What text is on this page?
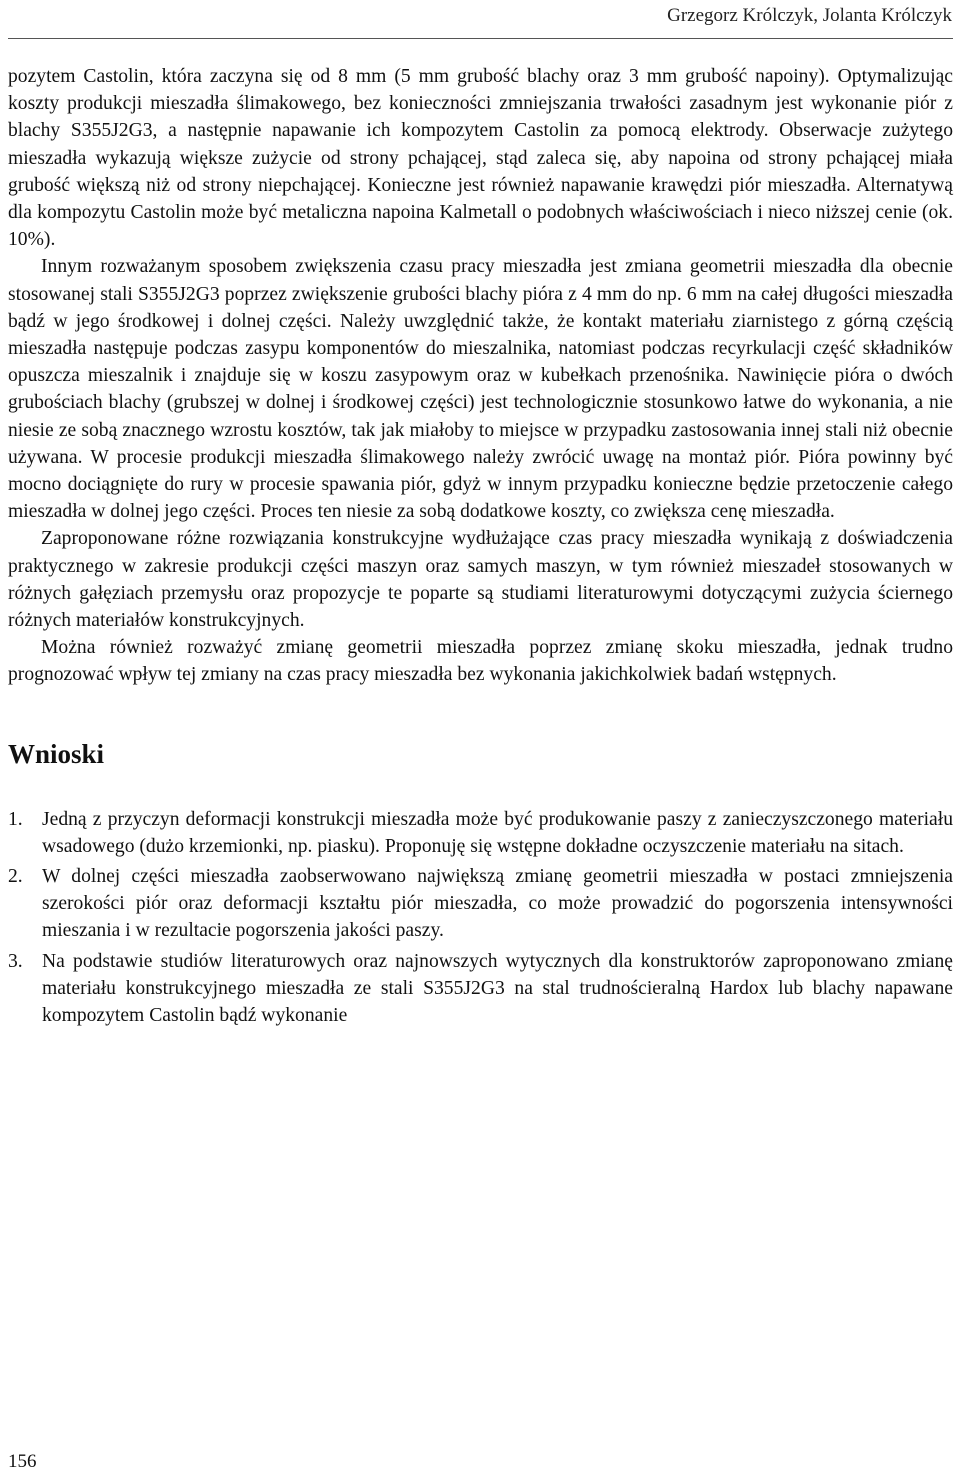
Grzegorz Królczyk, Jolanta Królczyk

pozytem Castolin, która zaczyna się od 8 mm (5 mm grubość blachy oraz 3 mm grubość napoiny). Optymalizując koszty produkcji mieszadła ślimakowego, bez konieczności zmniejszania trwałości zasadnym jest wykonanie piór z blachy S355J2G3, a następnie napawanie ich kompozytem Castolin za pomocą elektrody. Obserwacje zużytego mieszadła wykazują większe zużycie od strony pchającej, stąd zaleca się, aby napoina od strony pchającej miała grubość większą niż od strony niepchającej. Konieczne jest również napawanie krawędzi piór mieszadła. Alternatywą dla kompozytu Castolin może być metaliczna napoina Kalmetall o podobnych właściwościach i nieco niższej cenie (ok. 10%).

Innym rozważanym sposobem zwiększenia czasu pracy mieszadła jest zmiana geometrii mieszadła dla obecnie stosowanej stali S355J2G3 poprzez zwiększenie grubości blachy pióra z 4 mm do np. 6 mm na całej długości mieszadła bądź w jego środkowej i dolnej części. Należy uwzględnić także, że kontakt materiału ziarnistego z górną częścią mieszadła następuje podczas zasypu komponentów do mieszalnika, natomiast podczas recyrkulacji część składników opuszcza mieszalnik i znajduje się w koszu zasypowym oraz w kubełkach przenośnika. Nawinięcie pióra o dwóch grubościach blachy (grubszej w dolnej i środkowej części) jest technologicznie stosunkowo łatwe do wykonania, a nie niesie ze sobą znacznego wzrostu kosztów, tak jak miałoby to miejsce w przypadku zastosowania innej stali niż obecnie używana. W procesie produkcji mieszadła ślimakowego należy zwrócić uwagę na montaż piór. Pióra powinny być mocno dociągnięte do rury w procesie spawania piór, gdyż w innym przypadku konieczne będzie przetoczenie całego mieszadła w dolnej jego części. Proces ten niesie za sobą dodatkowe koszty, co zwiększa cenę mieszadła.

Zaproponowane różne rozwiązania konstrukcyjne wydłużające czas pracy mieszadła wynikają z doświadczenia praktycznego w zakresie produkcji części maszyn oraz samych maszyn, w tym również mieszadeł stosowanych w różnych gałęziach przemysłu oraz propozycje te poparte są studiami literaturowymi dotyczącymi zużycia ściernego różnych materiałów konstrukcyjnych.

Można również rozważyć zmianę geometrii mieszadła poprzez zmianę skoku mieszadła, jednak trudno prognozować wpływ tej zmiany na czas pracy mieszadła bez wykonania jakichkolwiek badań wstępnych.

Wnioski
1. Jedną z przyczyn deformacji konstrukcji mieszadła może być produkowanie paszy z zanieczyszczonego materiału wsadowego (dużo krzemionki, np. piasku). Proponuję się wstępne dokładne oczyszczenie materiału na sitach.
2. W dolnej części mieszadła zaobserwowano największą zmianę geometrii mieszadła w postaci zmniejszenia szerokości piór oraz deformacji kształtu piór mieszadła, co może prowadzić do pogorszenia intensywności mieszania i w rezultacie pogorszenia jakości paszy.
3. Na podstawie studiów literaturowych oraz najnowszych wytycznych dla konstruktorów zaproponowano zmianę materiału konstrukcyjnego mieszadła ze stali S355J2G3 na stal trudnościeralną Hardox lub blachy napawane kompozytem Castolin bądź wykonanie
156
